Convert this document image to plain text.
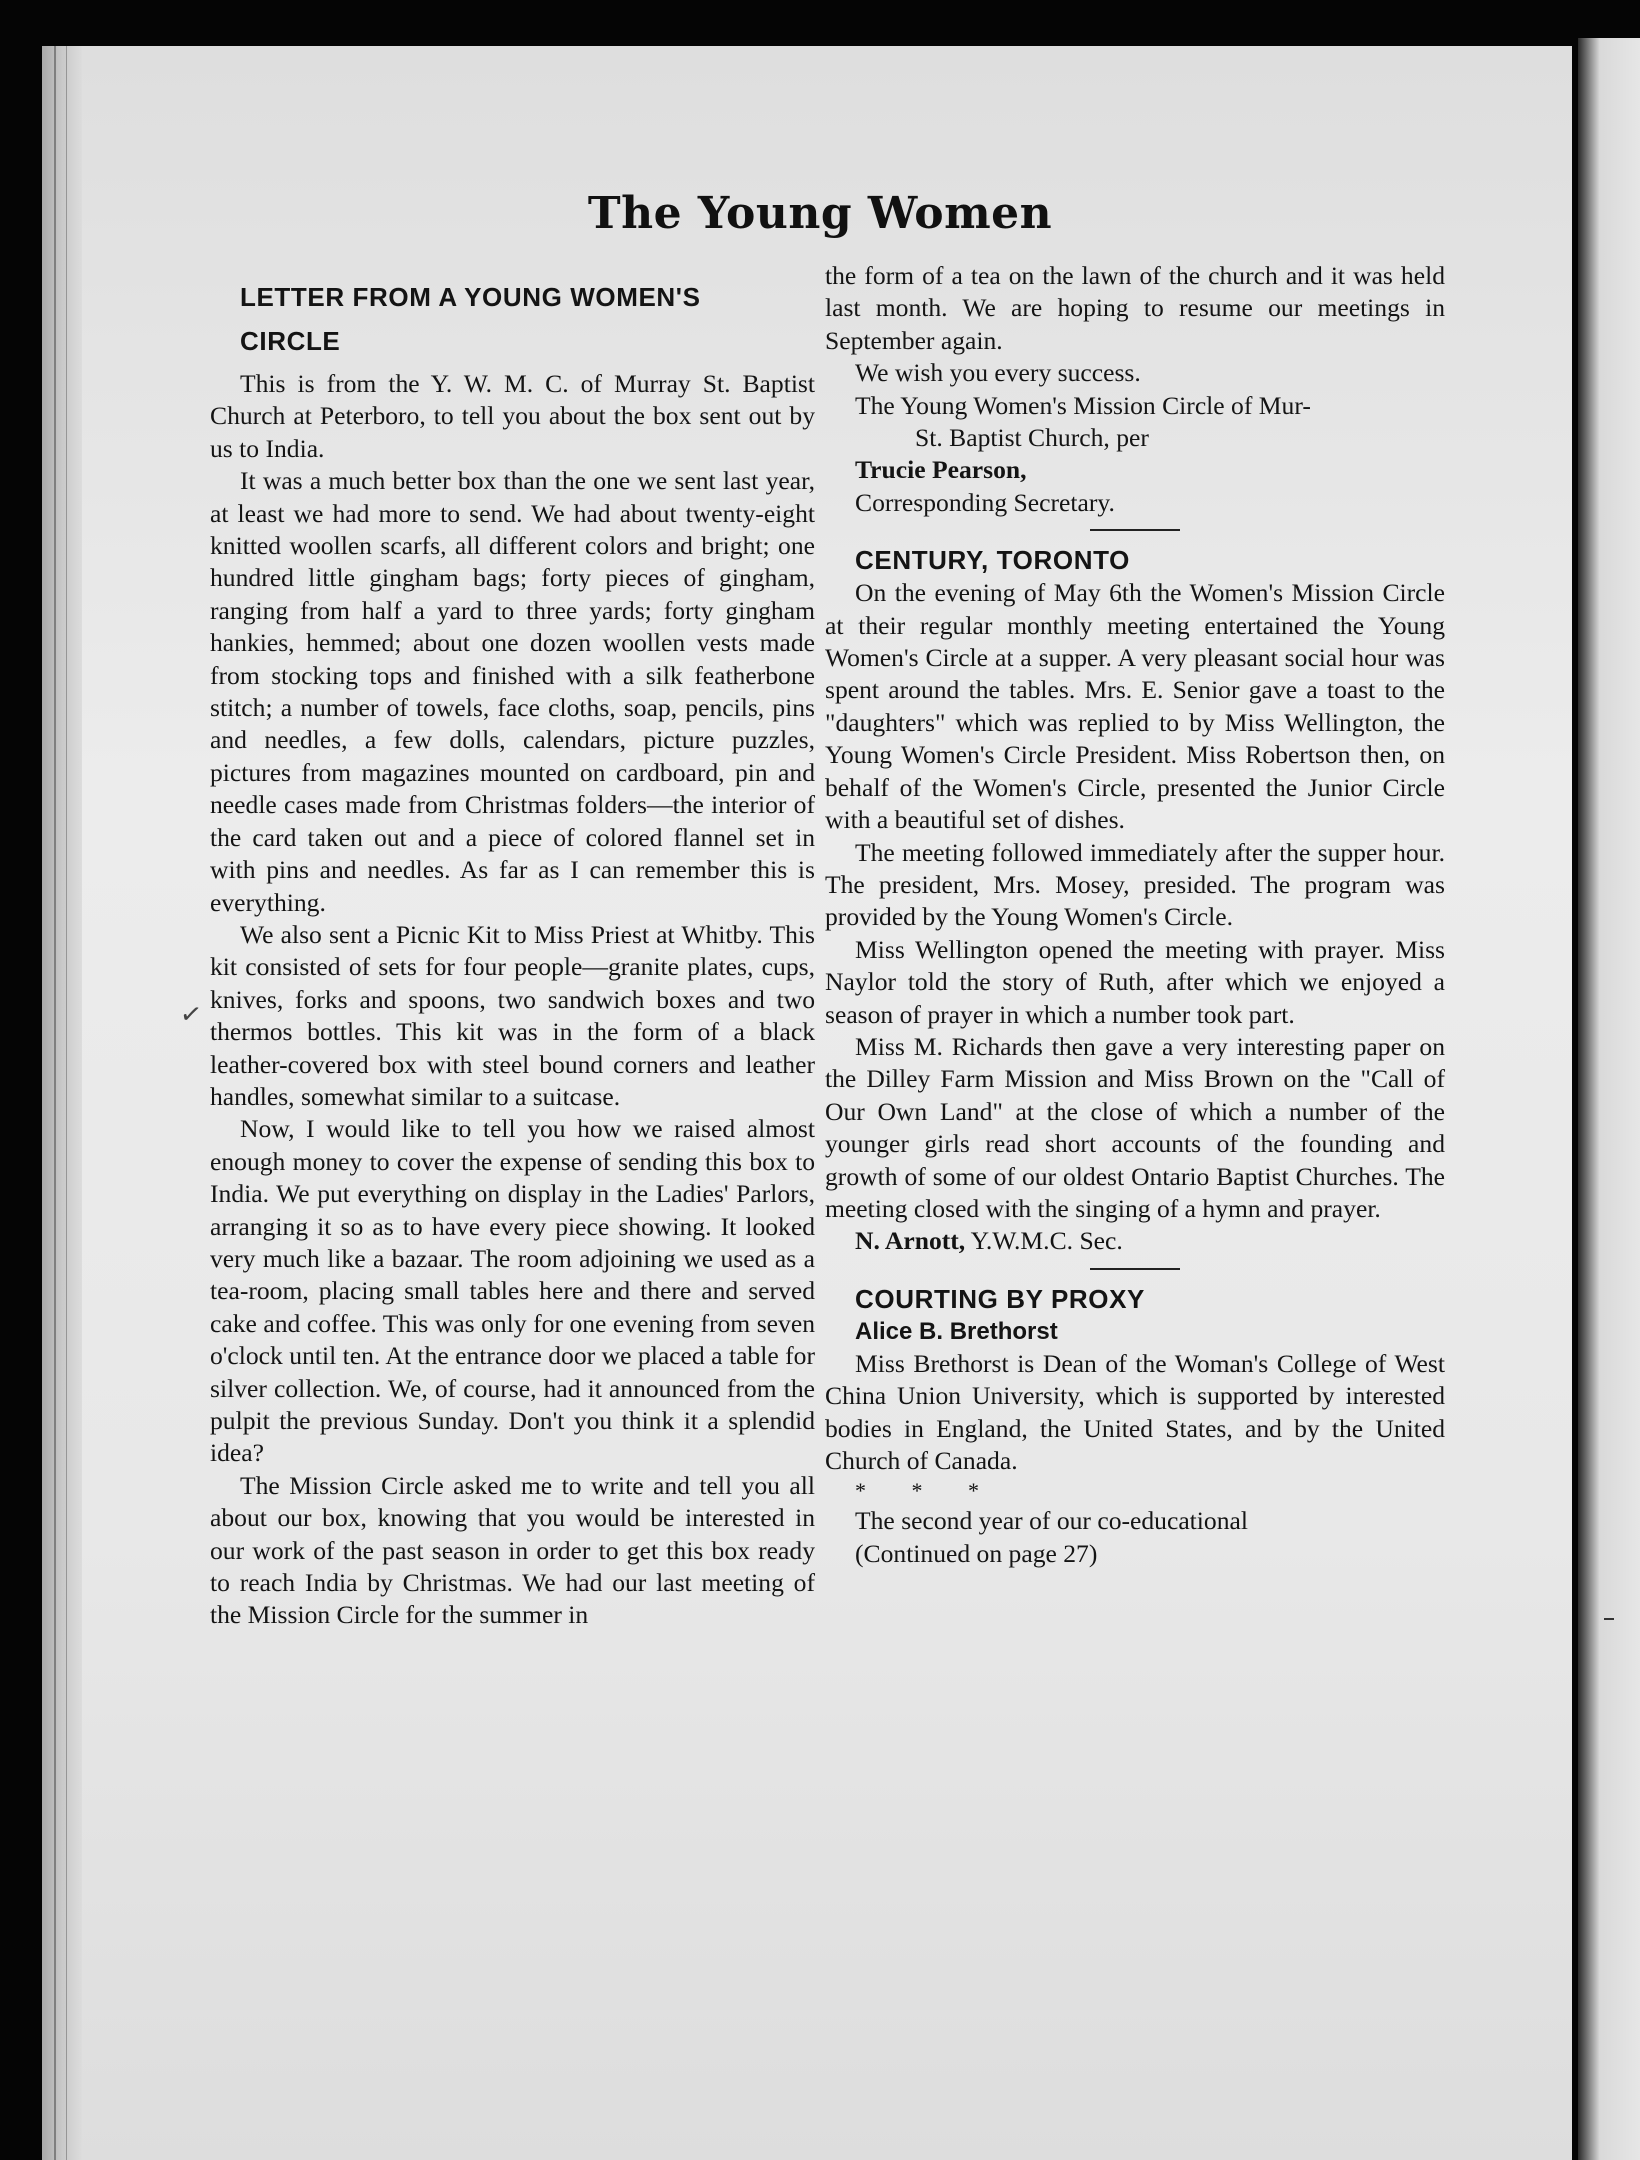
The Young Women
✓

LETTER FROM A YOUNG WOMEN'S

CIRCLE

This is from the Y. W. M. C. of Murray St. Baptist Church at Peterboro, to tell you about the box sent out by us to India.

It was a much better box than the one we sent last year, at least we had more to send. We had about twenty-eight knitted woollen scarfs, all different colors and bright; one hundred little gingham bags; forty pieces of gingham, ranging from half a yard to three yards; forty gingham hankies, hemmed; about one dozen woollen vests made from stocking tops and finished with a silk featherbone stitch; a number of towels, face cloths, soap, pencils, pins and needles, a few dolls, calendars, picture puzzles, pictures from magazines mounted on cardboard, pin and needle cases made from Christmas folders—the interior of the card taken out and a piece of colored flannel set in with pins and needles. As far as I can remember this is everything.

We also sent a Picnic Kit to Miss Priest at Whitby. This kit consisted of sets for four people—granite plates, cups, knives, forks and spoons, two sandwich boxes and two thermos bottles. This kit was in the form of a black leather-covered box with steel bound corners and leather handles, somewhat similar to a suitcase.

Now, I would like to tell you how we raised almost enough money to cover the expense of sending this box to India. We put everything on display in the Ladies' Parlors, arranging it so as to have every piece showing. It looked very much like a bazaar. The room adjoining we used as a tea-room, placing small tables here and there and served cake and coffee. This was only for one evening from seven o'clock until ten. At the entrance door we placed a table for silver collection. We, of course, had it announced from the pulpit the previous Sunday. Don't you think it a splendid idea?

The Mission Circle asked me to write and tell you all about our box, knowing that you would be interested in our work of the past season in order to get this box ready to reach India by Christmas. We had our last meeting of the Mission Circle for the summer in

the form of a tea on the lawn of the church and it was held last month. We are hoping to resume our meetings in September again.

We wish you every success.

The Young Women's Mission Circle of Mur-

St. Baptist Church, per

Trucie Pearson,

Corresponding Secretary.

CENTURY, TORONTO

On the evening of May 6th the Women's Mission Circle at their regular monthly meeting entertained the Young Women's Circle at a supper. A very pleasant social hour was spent around the tables. Mrs. E. Senior gave a toast to the "daughters" which was replied to by Miss Wellington, the Young Women's Circle President. Miss Robertson then, on behalf of the Women's Circle, presented the Junior Circle with a beautiful set of dishes.

The meeting followed immediately after the supper hour. The president, Mrs. Mosey, presided. The program was provided by the Young Women's Circle.

Miss Wellington opened the meeting with prayer. Miss Naylor told the story of Ruth, after which we enjoyed a season of prayer in which a number took part.

Miss M. Richards then gave a very interesting paper on the Dilley Farm Mission and Miss Brown on the "Call of Our Own Land" at the close of which a number of the younger girls read short accounts of the founding and growth of some of our oldest Ontario Baptist Churches. The meeting closed with the singing of a hymn and prayer.

N. Arnott, Y.W.M.C. Sec.

COURTING BY PROXY

Alice B. Brethorst

Miss Brethorst is Dean of the Woman's College of West China Union University, which is supported by interested bodies in England, the United States, and by the United Church of Canada.

* * *

The second year of our co-educational

(Continued on page 27)
